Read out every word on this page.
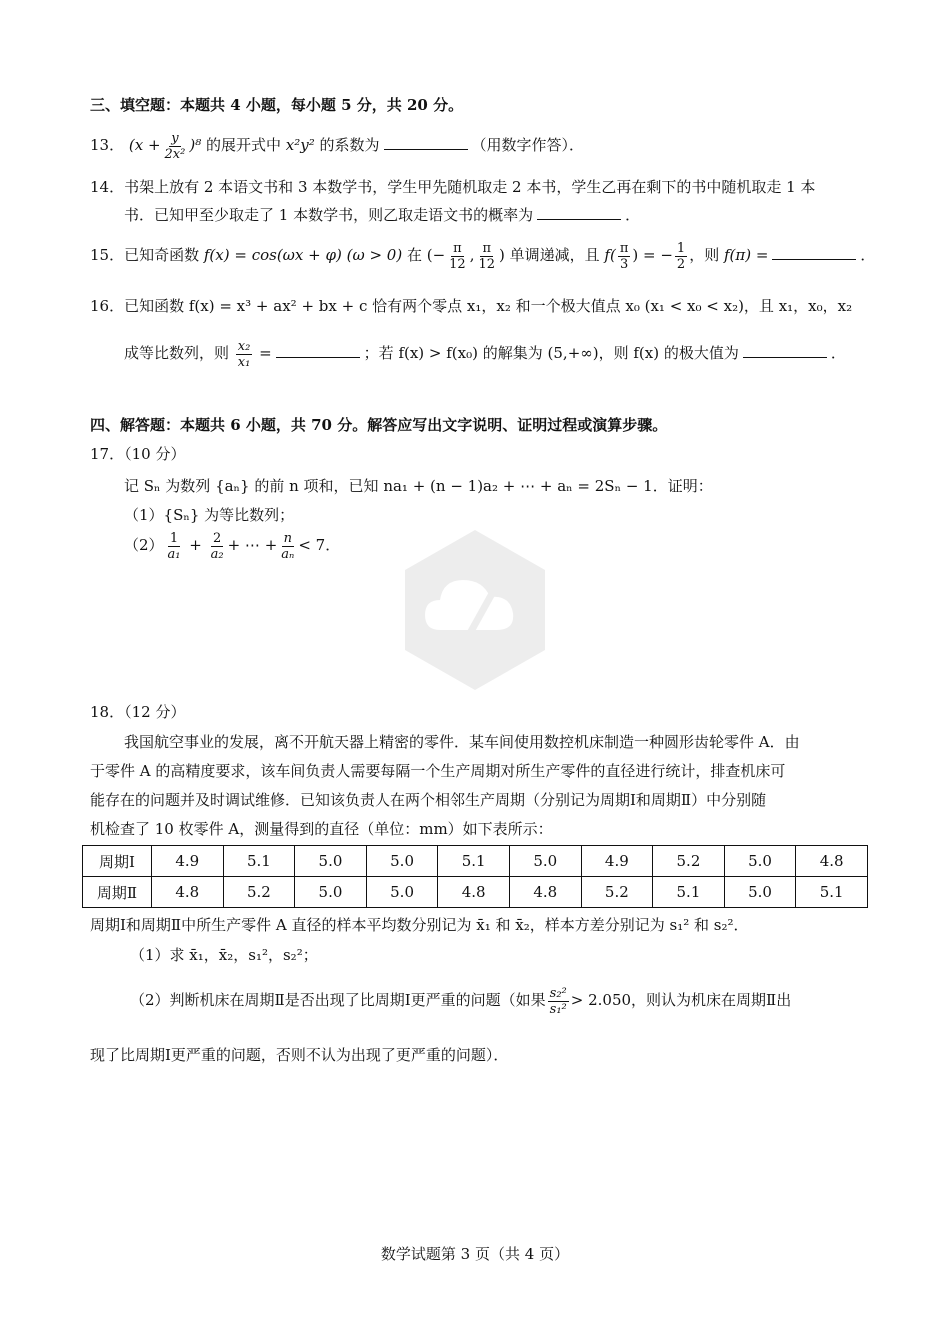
三、填空题：本题共 4 小题，每小题 5 分，共 20 分。
13． $(x + \frac{y}{\text{2x²}} )^8$ 的展开式中 x²y² 的系数为	（用数字作答）．
14．书架上放有 2 本语文书和 3 本数学书，学生甲先随机取走 2 本书，学生乙再在剩下的书中随机取走 1 本
书．已知甲至少取走了 1 本数学书，则乙取走语文书的概率为	．
15．已知奇函数 f(x) = cos(ωx + φ) (ω > 0) 在 (− $\frac{\pi}{12}$ , $\frac{\pi}{12}$ ) 单调递减，且 $f( \frac{\pi}{3}$ ) = − $\frac{1}{2}$ ，则 f(π) =	．
16．已知函数 f(x) = x³ + ax² + bx + c 恰有两个零点 x₁，x₂ 和一个极大值点 x₀ (x₁ < x₀ < x₂)，且 x₁，x₀，x₂
成等比数列，则 $\frac{\text{x₂}}{\text{x₁}}$ =	；若 f(x) > f(x₀) 的解集为 (5,+∞)，则 f(x) 的极大值为	．
四、解答题：本题共 6 小题，共 70 分。解答应写出文字说明、证明过程或演算步骤。
17．（10 分）
记 Sₙ 为数列 {aₙ} 的前 n 项和，已知 na₁ + (n − 1)a₂ + ⋯ + aₙ = 2Sₙ − 1．证明：
（1）{Sₙ} 为等比数列；
$(2) \frac{1}{\text{a₁}} + \frac{2}{\text{a₂}}$ + ⋯ + $\frac{n}{\text{aₙ}} < 7$．
18．（12 分）
我国航空事业的发展，离不开航天器上精密的零件．某车间使用数控机床制造一种圆形齿轮零件 A．由
于零件 A 的高精度要求，该车间负责人需要每隔一个生产周期对所生产零件的直径进行统计，排查机床可
能存在的问题并及时调试维修．已知该负责人在两个相邻生产周期（分别记为周期Ⅰ和周期Ⅱ）中分别随
机检查了 10 枚零件 A，测量得到的直径（单位：mm）如下表所示：
周期Ⅰ	4.9	5.1	5.0	5.0	5.1	5.0	4.9	5.2	5.0	4.8
周期Ⅱ	4.8	5.2	5.0	5.0	4.8	4.8	5.2	5.1	5.0	5.1
周期Ⅰ和周期Ⅱ中所生产零件 A 直径的样本平均数分别记为 x̄₁ 和 x̄₂，样本方差分别记为 s₁² 和 s₂²．
（1）求 x̄₁，x̄₂，s₁²，s₂²；
（2）判断机床在周期Ⅱ是否出现了比周期Ⅰ更严重的问题（如果 $\frac{\text{s₂²}}{\text{s₁²}} > 2.050$，则认为机床在周期Ⅱ出
现了比周期Ⅰ更严重的问题，否则不认为出现了更严重的问题）．
数学试题第 3 页（共 4 页）
